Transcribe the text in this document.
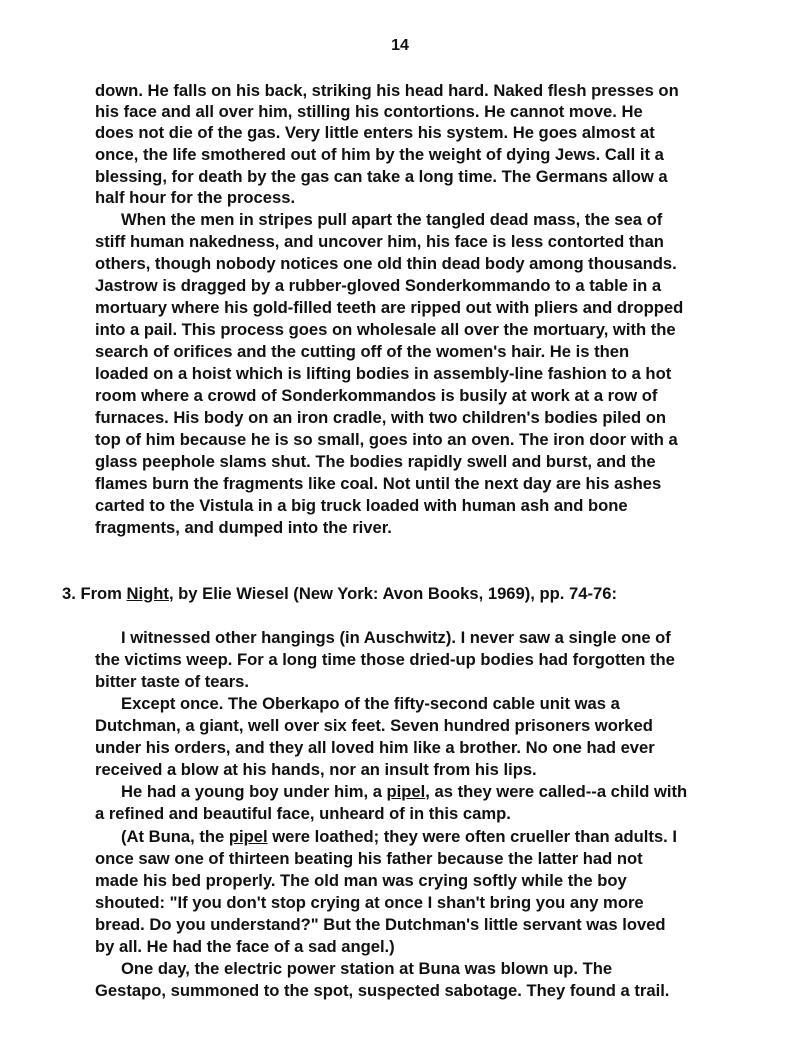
14
down. He falls on his back, striking his head hard. Naked flesh presses on
his face and all over him, stilling his contortions. He cannot move. He
does not die of the gas. Very little enters his system. He goes almost at
once, the life smothered out of him by the weight of dying Jews. Call it a
blessing, for death by the gas can take a long time. The Germans allow a
half hour for the process.
When the men in stripes pull apart the tangled dead mass, the sea of
stiff human nakedness, and uncover him, his face is less contorted than
others, though nobody notices one old thin dead body among thousands.
Jastrow is dragged by a rubber-gloved Sonderkommando to a table in a
mortuary where his gold-filled teeth are ripped out with pliers and dropped
into a pail. This process goes on wholesale all over the mortuary, with the
search of orifices and the cutting off of the women's hair. He is then
loaded on a hoist which is lifting bodies in assembly-line fashion to a hot
room where a crowd of Sonderkommandos is busily at work at a row of
furnaces. His body on an iron cradle, with two children's bodies piled on
top of him because he is so small, goes into an oven. The iron door with a
glass peephole slams shut. The bodies rapidly swell and burst, and the
flames burn the fragments like coal. Not until the next day are his ashes
carted to the Vistula in a big truck loaded with human ash and bone
fragments, and dumped into the river.
3. From Night, by Elie Wiesel (New York: Avon Books, 1969), pp. 74-76:
I witnessed other hangings (in Auschwitz). I never saw a single one of
the victims weep. For a long time those dried-up bodies had forgotten the
bitter taste of tears.
Except once. The Oberkapo of the fifty-second cable unit was a
Dutchman, a giant, well over six feet. Seven hundred prisoners worked
under his orders, and they all loved him like a brother. No one had ever
received a blow at his hands, nor an insult from his lips.
He had a young boy under him, a pipel, as they were called--a child with
a refined and beautiful face, unheard of in this camp.
(At Buna, the pipel were loathed; they were often crueller than adults. I
once saw one of thirteen beating his father because the latter had not
made his bed properly. The old man was crying softly while the boy
shouted: "If you don't stop crying at once I shan't bring you any more
bread. Do you understand?" But the Dutchman's little servant was loved
by all. He had the face of a sad angel.)
One day, the electric power station at Buna was blown up. The
Gestapo, summoned to the spot, suspected sabotage. They found a trail.
